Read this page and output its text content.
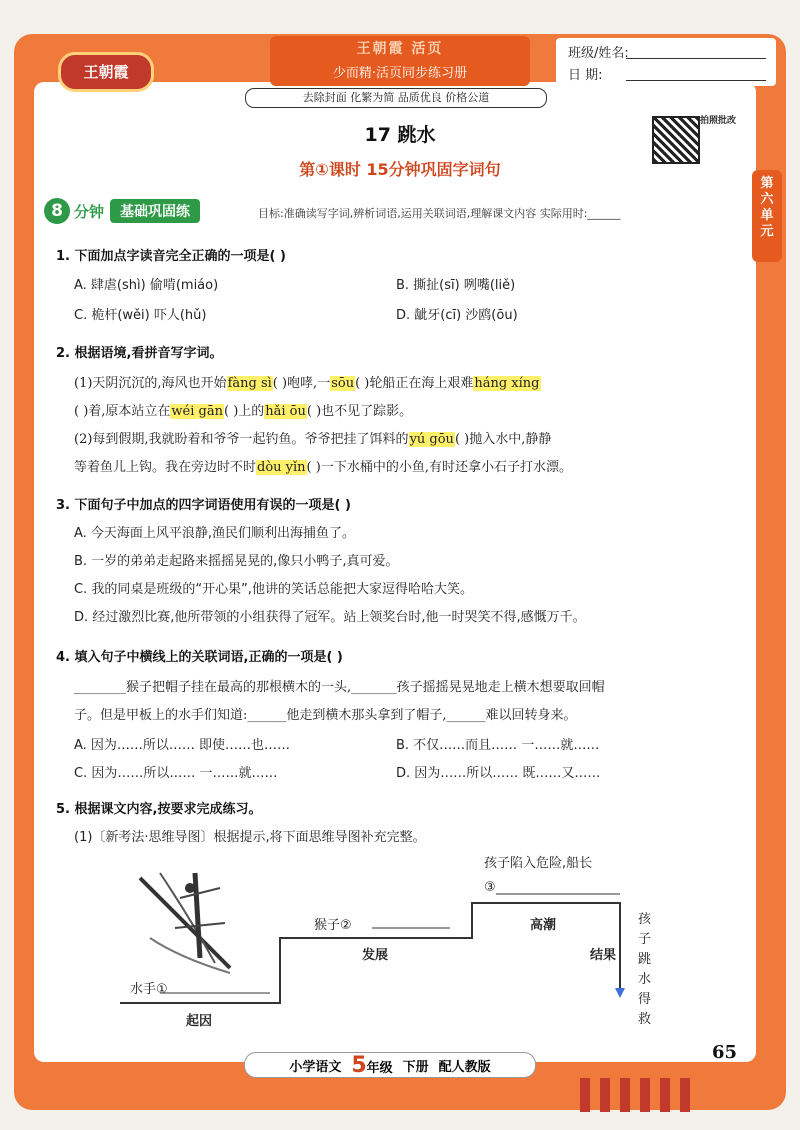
王朝霞 活页
少而精·活页同步练习册
王朝霞
班级/姓名:
日 期:
去除封面 化繁为简 品质优良 价格公道
第六单元
17 跳水
第①课时 15分钟巩固字词句
拍照批改
8 分钟	基础巩固练	目标:准确读写字词,辨析词语,运用关联词语,理解课文内容 实际用时:______
1. 下面加点字读音完全正确的一项是( )
A. 肆虐(shì) 偷啃(miáo)	B. 撕扯(sī) 咧嘴(liě)
C. 桅杆(wěi) 吓人(hǔ)	D. 龇牙(cī) 沙鸥(ōu)
2. 根据语境,看拼音写字词。
(1)天阴沉沉的,海风也开始fàng sì( )咆哮,一sōu( )轮船正在海上艰难háng xíng
( )着,原本站立在wéi gān( )上的hǎi ōu( )也不见了踪影。
(2)每到假期,我就盼着和爷爷一起钓鱼。爷爷把挂了饵料的yú gōu( )抛入水中,静静
等着鱼儿上钩。我在旁边时不时dòu yǐn( )一下水桶中的小鱼,有时还拿小石子打水漂。
3. 下面句子中加点的四字词语使用有误的一项是( )
A. 今天海面上风平浪静,渔民们顺利出海捕鱼了。
B. 一岁的弟弟走起路来摇摇晃晃的,像只小鸭子,真可爱。
C. 我的同桌是班级的“开心果”,他讲的笑话总能把大家逗得哈哈大笑。
D. 经过激烈比赛,他所带领的小组获得了冠军。站上领奖台时,他一时哭笑不得,感慨万千。
4. 填入句子中横线上的关联词语,正确的一项是( )
________猴子把帽子挂在最高的那根横木的一头,_______孩子摇摇晃晃地走上横木想要取回帽
子。但是甲板上的水手们知道:______他走到横木那头拿到了帽子,______难以回转身来。
A. 因为……所以…… 即使……也……	B. 不仅……而且…… 一……就……
C. 因为……所以…… 一……就……	D. 因为……所以…… 既……又……
5. 根据课文内容,按要求完成练习。
(1)〔新考法·思维导图〕根据提示,将下面思维导图补充完整。
水手①
起因
猴子②
发展
孩子陷入危险,船长
③
高潮
结果
孩子跳水得救
65
小学语文 5年级 下册 配人教版
